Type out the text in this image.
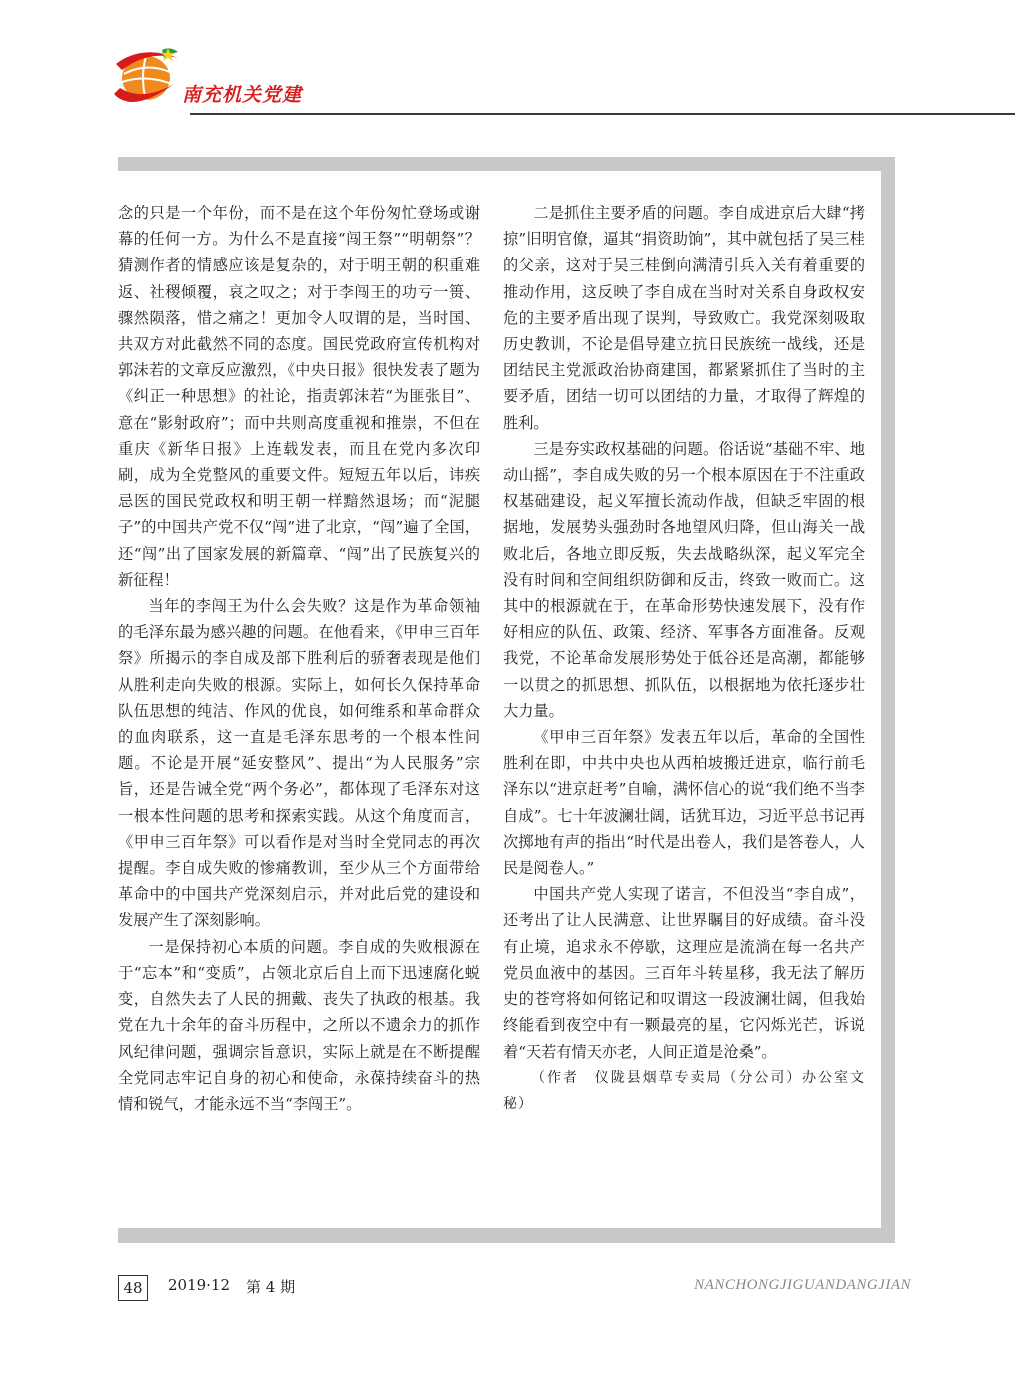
南充机关党建

念的只是一个年份，而不是在这个年份匆忙登场或谢幕的任何一方。为什么不是直接“闯王祭”“明朝祭”？猜测作者的情感应该是复杂的，对于明王朝的积重难返、社稷倾覆，哀之叹之；对于李闯王的功亏一篑、骤然陨落，惜之痛之！更加令人叹谓的是，当时国、共双方对此截然不同的态度。国民党政府宣传机构对郭沫若的文章反应激烈，《中央日报》很快发表了题为《纠正一种思想》的社论，指责郭沫若“为匪张目”、意在“影射政府”；而中共则高度重视和推崇，不但在重庆《新华日报》上连载发表，而且在党内多次印刷，成为全党整风的重要文件。短短五年以后，讳疾忌医的国民党政权和明王朝一样黯然退场；而“泥腿子”的中国共产党不仅“闯”进了北京，“闯”遍了全国，还“闯”出了国家发展的新篇章、“闯”出了民族复兴的新征程！

当年的李闯王为什么会失败？这是作为革命领袖的毛泽东最为感兴趣的问题。在他看来，《甲申三百年祭》所揭示的李自成及部下胜利后的骄奢表现是他们从胜利走向失败的根源。实际上，如何长久保持革命队伍思想的纯洁、作风的优良，如何维系和革命群众的血肉联系，这一直是毛泽东思考的一个根本性问题。不论是开展“延安整风”、提出“为人民服务”宗旨，还是告诫全党“两个务必”，都体现了毛泽东对这一根本性问题的思考和探索实践。从这个角度而言，《甲申三百年祭》可以看作是对当时全党同志的再次提醒。李自成失败的惨痛教训，至少从三个方面带给革命中的中国共产党深刻启示，并对此后党的建设和发展产生了深刻影响。

一是保持初心本质的问题。李自成的失败根源在于“忘本”和“变质”，占领北京后自上而下迅速腐化蜕变，自然失去了人民的拥戴、丧失了执政的根基。我党在九十余年的奋斗历程中，之所以不遗余力的抓作风纪律问题，强调宗旨意识，实际上就是在不断提醒全党同志牢记自身的初心和使命，永葆持续奋斗的热情和锐气，才能永远不当“李闯王”。

二是抓住主要矛盾的问题。李自成进京后大肆“拷掠”旧明官僚，逼其“捐资助饷”，其中就包括了吴三桂的父亲，这对于吴三桂倒向满清引兵入关有着重要的推动作用，这反映了李自成在当时对关系自身政权安危的主要矛盾出现了误判，导致败亡。我党深刻吸取历史教训，不论是倡导建立抗日民族统一战线，还是团结民主党派政治协商建国，都紧紧抓住了当时的主要矛盾，团结一切可以团结的力量，才取得了辉煌的胜利。

三是夯实政权基础的问题。俗话说“基础不牢、地动山摇”，李自成失败的另一个根本原因在于不注重政权基础建设，起义军擅长流动作战，但缺乏牢固的根据地，发展势头强劲时各地望风归降，但山海关一战败北后，各地立即反叛，失去战略纵深，起义军完全没有时间和空间组织防御和反击，终致一败而亡。这其中的根源就在于，在革命形势快速发展下，没有作好相应的队伍、政策、经济、军事各方面准备。反观我党，不论革命发展形势处于低谷还是高潮，都能够一以贯之的抓思想、抓队伍，以根据地为依托逐步壮大力量。

《甲申三百年祭》发表五年以后，革命的全国性胜利在即，中共中央也从西柏坡搬迁进京，临行前毛泽东以“进京赶考”自喻，满怀信心的说“我们绝不当李自成”。七十年波澜壮阔，话犹耳边，习近平总书记再次掷地有声的指出“时代是出卷人，我们是答卷人，人民是阅卷人。”

中国共产党人实现了诺言，不但没当“李自成”，还考出了让人民满意、让世界瞩目的好成绩。奋斗没有止境，追求永不停歇，这理应是流淌在每一名共产党员血液中的基因。三百年斗转星移，我无法了解历史的苍穹将如何铭记和叹谓这一段波澜壮阔，但我始终能看到夜空中有一颗最亮的星，它闪烁光芒，诉说着“天若有情天亦老，人间正道是沧桑”。

（作者　仪陇县烟草专卖局（分公司）办公室文秘）

48	2019·12 第 4 期	NANCHONGJIGUANDANGJIAN
